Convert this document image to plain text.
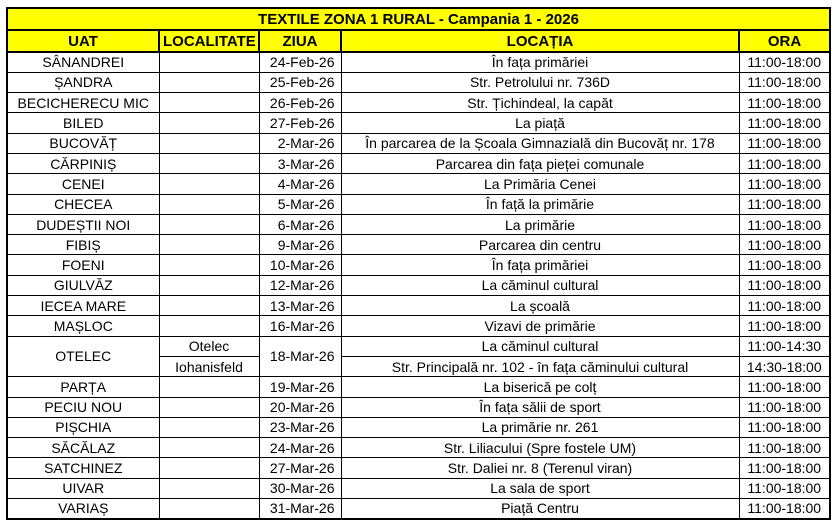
TEXTILE ZONA 1 RURAL - Campania 1 - 2026				
UAT	LOCALITATE	ZIUA	LOCAȚIA	ORA
SÂNANDREI		24-Feb-26	În fața primăriei	11:00-18:00
ȘANDRA		25-Feb-26	Str. Petrolului nr. 736D	11:00-18:00
BECICHERECU MIC		26-Feb-26	Str. Țichindeal, la capăt	11:00-18:00
BILED		27-Feb-26	La piață	11:00-18:00
BUCOVĂȚ		2-Mar-26	În parcarea de la Școala Gimnazială din Bucovăț nr. 178	11:00-18:00
CĂRPINIȘ		3-Mar-26	Parcarea din fața pieței comunale	11:00-18:00
CENEI		4-Mar-26	La Primăria Cenei	11:00-18:00
CHECEA		5-Mar-26	În față la primărie	11:00-18:00
DUDEȘTII NOI		6-Mar-26	La primărie	11:00-18:00
FIBIȘ		9-Mar-26	Parcarea din centru	11:00-18:00
FOENI		10-Mar-26	În fața primăriei	11:00-18:00
GIULVĂZ		12-Mar-26	La căminul cultural	11:00-18:00
IECEA MARE		13-Mar-26	La școală	11:00-18:00
MAȘLOC		16-Mar-26	Vizavi de primărie	11:00-18:00
OTELEC	Otelec	18-Mar-26	La căminul cultural	11:00-14:30
	Iohanisfeld		Str. Principală nr. 102 - în fața căminului cultural	14:30-18:00
PARȚA		19-Mar-26	La biserică pe colț	11:00-18:00
PECIU NOU		20-Mar-26	În fața sălii de sport	11:00-18:00
PIȘCHIA		23-Mar-26	La primărie nr. 261	11:00-18:00
SĂCĂLAZ		24-Mar-26	Str. Liliacului (Spre fostele UM)	11:00-18:00
SATCHINEZ		27-Mar-26	Str. Daliei nr. 8 (Terenul viran)	11:00-18:00
UIVAR		30-Mar-26	La sala de sport	11:00-18:00
VARIAȘ		31-Mar-26	Piață Centru	11:00-18:00
